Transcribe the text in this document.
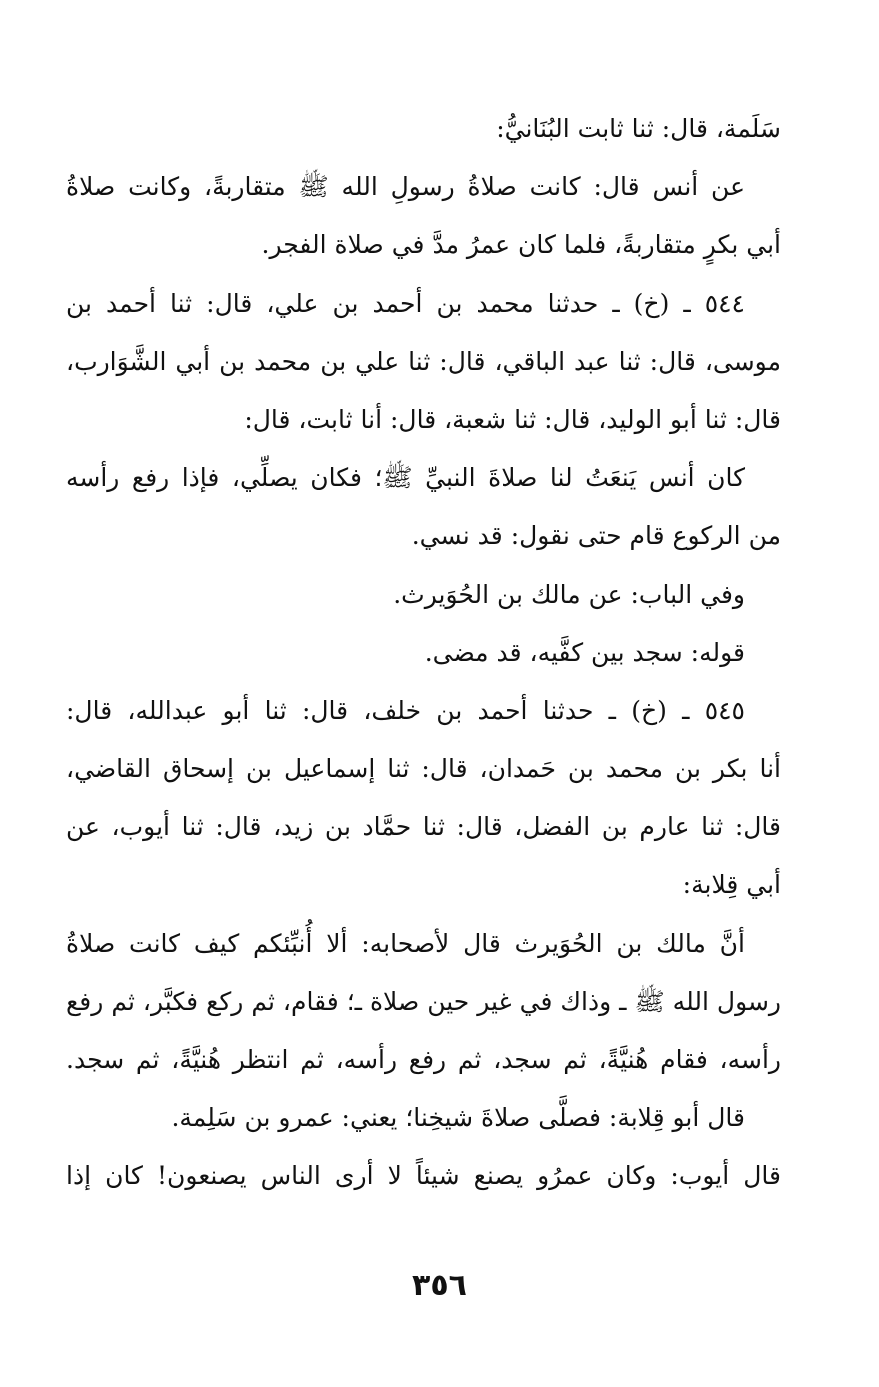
سَلَمة، قال: ثنا ثابت البُنَانيُّ:
عن أنس قال: كانت صلاةُ رسولِ الله ﷺ متقاربةً، وكانت صلاةُ
أبي بكرٍ متقاربةً، فلما كان عمرُ مدَّ في صلاة الفجر.
٥٤٤ ـ (خ) ـ حدثنا محمد بن أحمد بن علي، قال: ثنا أحمد بن
موسى، قال: ثنا عبد الباقي، قال: ثنا علي بن محمد بن أبي الشَّوَارب،
قال: ثنا أبو الوليد، قال: ثنا شعبة، قال: أنا ثابت، قال:
كان أنس يَنعَتُ لنا صلاةَ النبيِّ ﷺ؛ فكان يصلِّي، فإذا رفع رأسه
من الركوع قام حتى نقول: قد نسي.
وفي الباب: عن مالك بن الحُوَيرث.
قوله: سجد بين كفَّيه، قد مضى.
٥٤٥ ـ (خ) ـ حدثنا أحمد بن خلف، قال: ثنا أبو عبدالله، قال:
أنا بكر بن محمد بن حَمدان، قال: ثنا إسماعيل بن إسحاق القاضي،
قال: ثنا عارم بن الفضل، قال: ثنا حمَّاد بن زيد، قال: ثنا أيوب، عن
أبي قِلابة:
أنَّ مالك بن الحُوَيرث قال لأصحابه: ألا أُنبِّئكم كيف كانت صلاةُ
رسول الله ﷺ ـ وذاك في غير حين صلاة ـ؛ فقام، ثم ركع فكبَّر، ثم رفع
رأسه، فقام هُنيَّةً، ثم سجد، ثم رفع رأسه، ثم انتظر هُنيَّةً، ثم سجد.
قال أبو قِلابة: فصلَّى صلاةَ شيخِنا؛ يعني: عمرو بن سَلِمة.
قال أيوب: وكان عمرُو يصنع شيئاً لا أرى الناس يصنعون! كان إذا
٣٥٦
